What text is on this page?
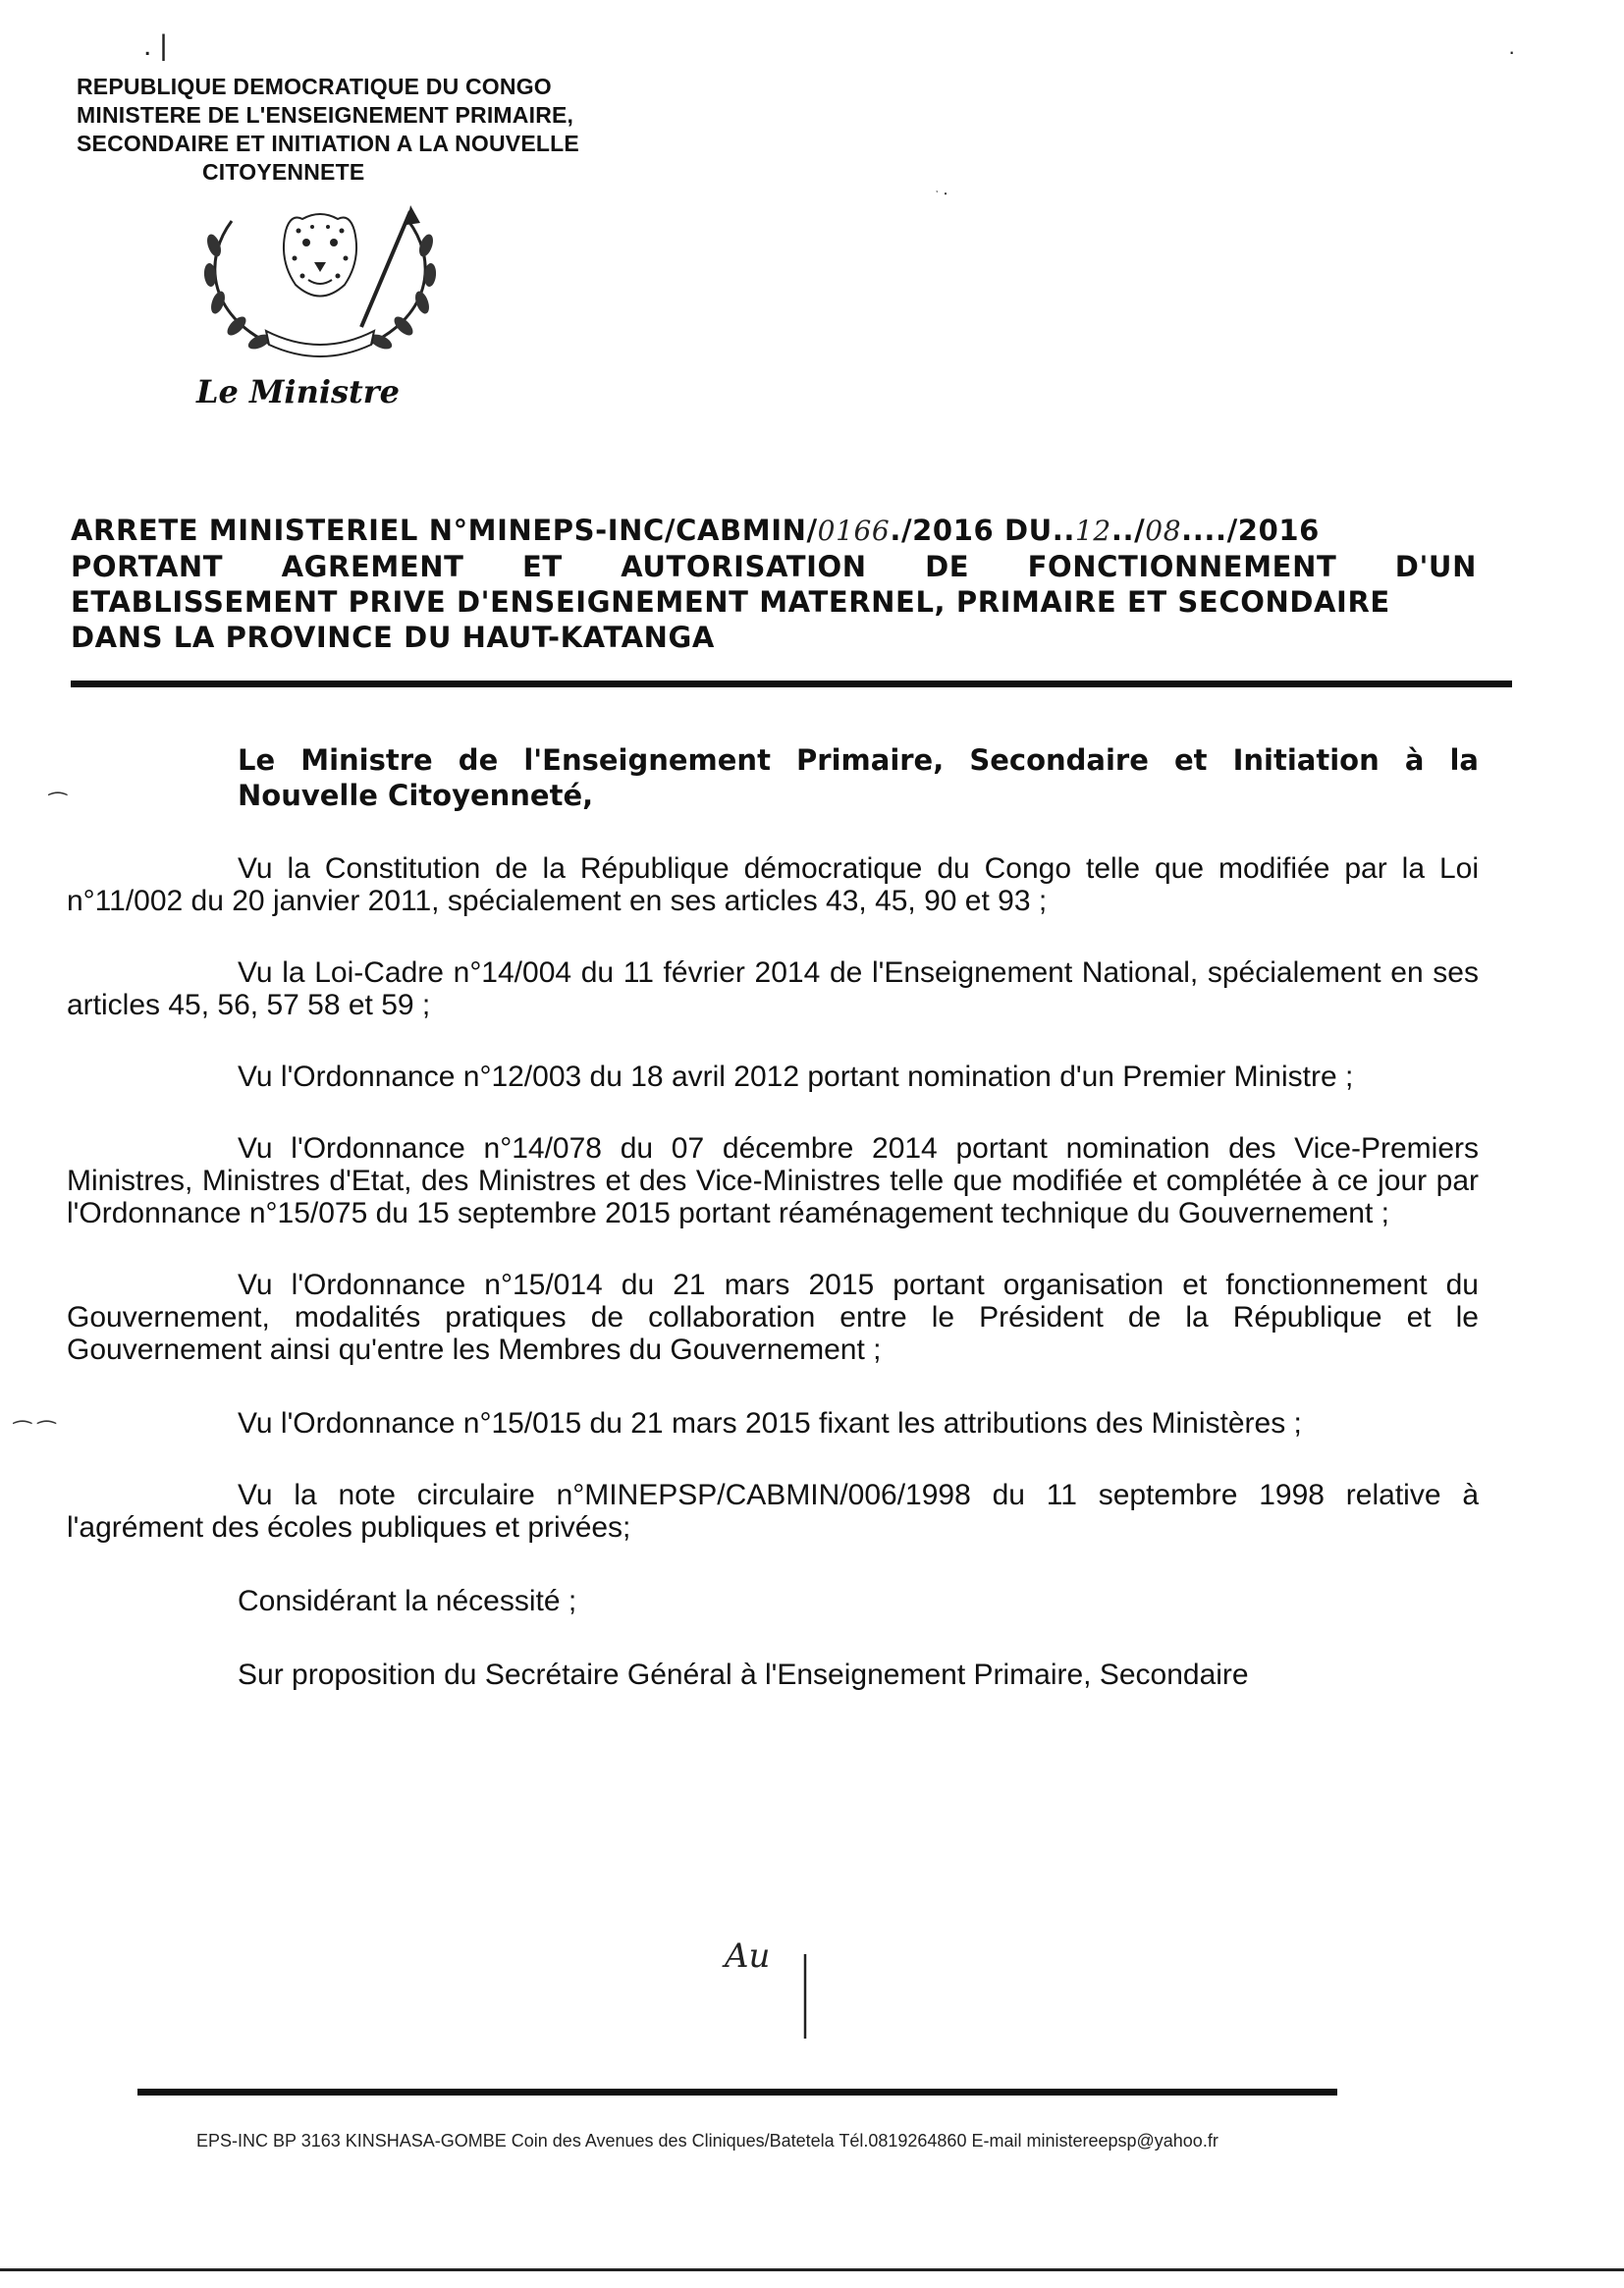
. |	·
ˑ ⸱
REPUBLIQUE DEMOCRATIQUE DU CONGO
MINISTERE DE L'ENSEIGNEMENT PRIMAIRE,
SECONDAIRE ET INITIATION A LA NOUVELLE
CITOYENNETE
Le Ministre
ARRETE MINISTERIEL N°MINEPS-INC/CABMIN/0166./2016 DU..12../08..../2016
PORTANT AGREMENT ET AUTORISATION DE FONCTIONNEMENT D'UN
ETABLISSEMENT PRIVE D'ENSEIGNEMENT MATERNEL, PRIMAIRE ET SECONDAIRE
DANS LA PROVINCE DU HAUT-KATANGA
⁀
⁀ ⁀
Le Ministre de l'Enseignement Primaire, Secondaire et Initiation à la Nouvelle Citoyenneté,
Vu la Constitution de la République démocratique du Congo telle que modifiée par la Loi n°11/002 du 20 janvier 2011, spécialement en ses articles 43, 45, 90 et 93 ;
Vu la Loi-Cadre n°14/004 du 11 février 2014 de l'Enseignement National, spécialement en ses articles 45, 56, 57 58 et 59 ;
Vu l'Ordonnance n°12/003 du 18 avril 2012 portant nomination d'un Premier Ministre ;
Vu l'Ordonnance n°14/078 du 07 décembre 2014 portant nomination des Vice-Premiers Ministres, Ministres d'Etat, des Ministres et des Vice-Ministres telle que modifiée et complétée à ce jour par l'Ordonnance n°15/075 du 15 septembre 2015 portant réaménagement technique du Gouvernement ;
Vu l'Ordonnance n°15/014 du 21 mars 2015 portant organisation et fonctionnement du Gouvernement, modalités pratiques de collaboration entre le Président de la République et le Gouvernement ainsi qu'entre les Membres du Gouvernement ;
Vu l'Ordonnance n°15/015 du 21 mars 2015 fixant les attributions des Ministères ;
Vu la note circulaire n°MINEPSP/CABMIN/006/1998 du 11 septembre 1998 relative à l'agrément des écoles publiques et privées;
Considérant la nécessité ;
Sur proposition du Secrétaire Général à l'Enseignement Primaire, Secondaire
Au
EPS-INC BP 3163 KINSHASA-GOMBE Coin des Avenues des Cliniques/Batetela Tél.0819264860 E-mail ministereepsp@yahoo.fr
